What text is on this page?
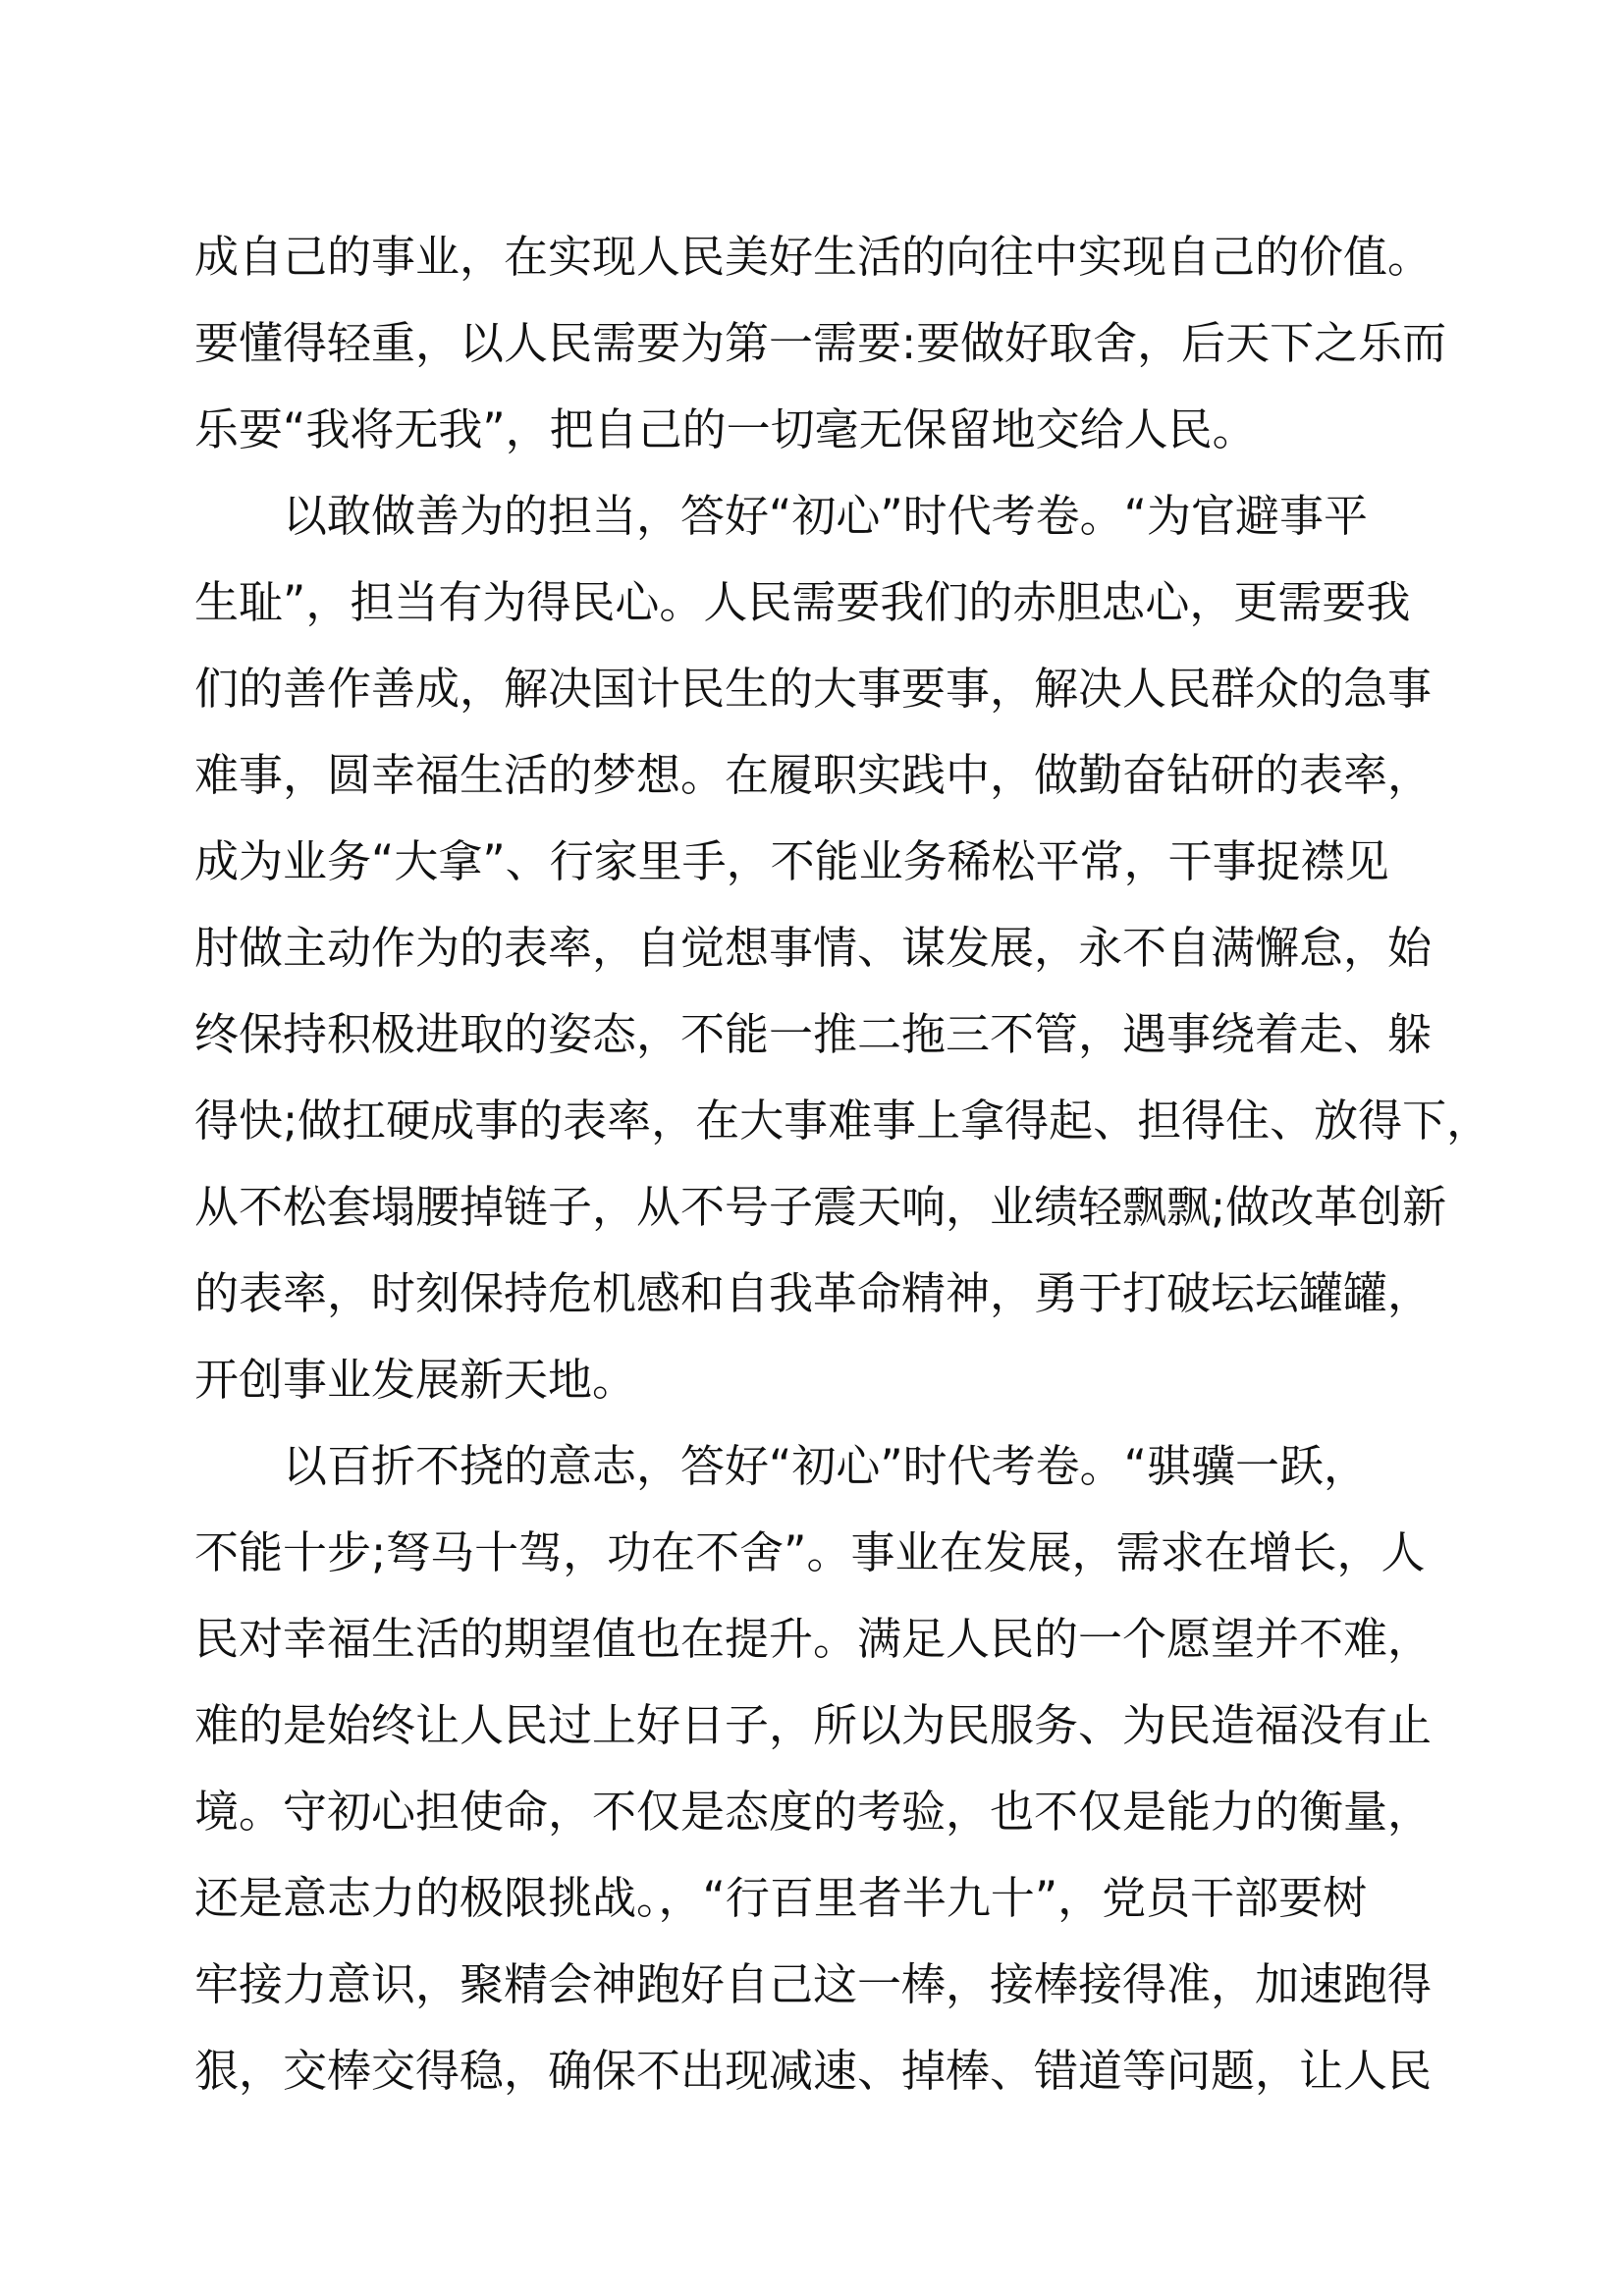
成自己的事业，在实现人民美好生活的向往中实现自己的价值。
要懂得轻重，以人民需要为第一需要:要做好取舍，后天下之乐而
乐要“我将无我”，把自己的一切毫无保留地交给人民。
　　以敢做善为的担当，答好“初心”时代考卷。“为官避事平
生耻”，担当有为得民心。人民需要我们的赤胆忠心，更需要我
们的善作善成，解决国计民生的大事要事，解决人民群众的急事
难事，圆幸福生活的梦想。在履职实践中，做勤奋钻研的表率，
成为业务“大拿”、行家里手，不能业务稀松平常，干事捉襟见
肘做主动作为的表率，自觉想事情、谋发展，永不自满懈怠，始
终保持积极进取的姿态，不能一推二拖三不管，遇事绕着走、躲
得快;做扛硬成事的表率，在大事难事上拿得起、担得住、放得下，
从不松套塌腰掉链子，从不号子震天响，业绩轻飘飘;做改革创新
的表率，时刻保持危机感和自我革命精神，勇于打破坛坛罐罐，
开创事业发展新天地。
　　以百折不挠的意志，答好“初心”时代考卷。“骐骥一跃，
不能十步;弩马十驾，功在不舍”。事业在发展，需求在增长，人
民对幸福生活的期望值也在提升。满足人民的一个愿望并不难，
难的是始终让人民过上好日子，所以为民服务、为民造福没有止
境。守初心担使命，不仅是态度的考验，也不仅是能力的衡量，
还是意志力的极限挑战。，“行百里者半九十”，党员干部要树
牢接力意识，聚精会神跑好自己这一棒，接棒接得准，加速跑得
狠，交棒交得稳，确保不出现减速、掉棒、错道等问题，让人民
